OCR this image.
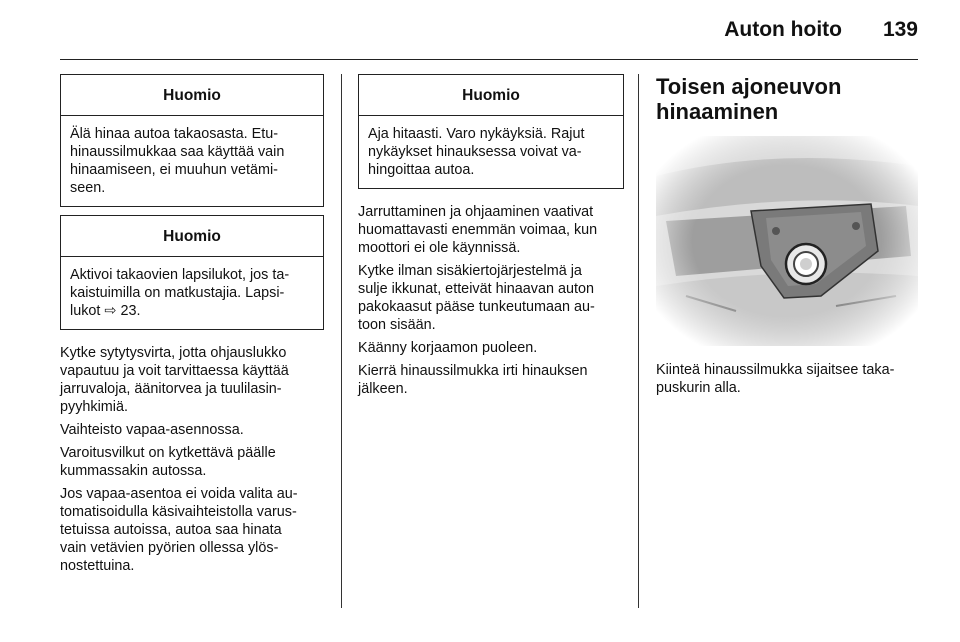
Auton hoito 139
Huomio
Älä hinaa autoa takaosasta. Etu-
hinaussilmukkaa saa käyttää vain
hinaamiseen, ei muuhun vetämi-
seen.
Huomio
Aktivoi takaovien lapsilukot, jos ta-
kaistuimilla on matkustajia. Lapsi-
lukot ⇨ 23.

Kytke sytytysvirta, jotta ohjauslukko
vapautuu ja voit tarvittaessa käyttää
jarruvaloja, äänitorvea ja tuulilasin-
pyyhkimiä.

Vaihteisto vapaa-asennossa.

Varoitusvilkut on kytkettävä päälle
kummassakin autossa.

Jos vapaa-asentoa ei voida valita au-
tomatisoidulla käsivaihteistolla varus-
tetuissa autoissa, autoa saa hinata
vain vetävien pyörien ollessa ylös-
nostettuina.

Huomio
Aja hitaasti. Varo nykäyksiä. Rajut
nykäykset hinauksessa voivat va-
hingoittaa autoa.

Jarruttaminen ja ohjaaminen vaativat
huomattavasti enemmän voimaa, kun
moottori ei ole käynnissä.

Kytke ilman sisäkiertojärjestelmä ja
sulje ikkunat, etteivät hinaavan auton
pakokaasut pääse tunkeutumaan au-
toon sisään.

Käänny korjaamon puoleen.

Kierrä hinaussilmukka irti hinauksen
jälkeen.

Toisen ajoneuvon
hinaaminen

Kiinteä hinaussilmukka sijaitsee taka-
puskurin alla.
